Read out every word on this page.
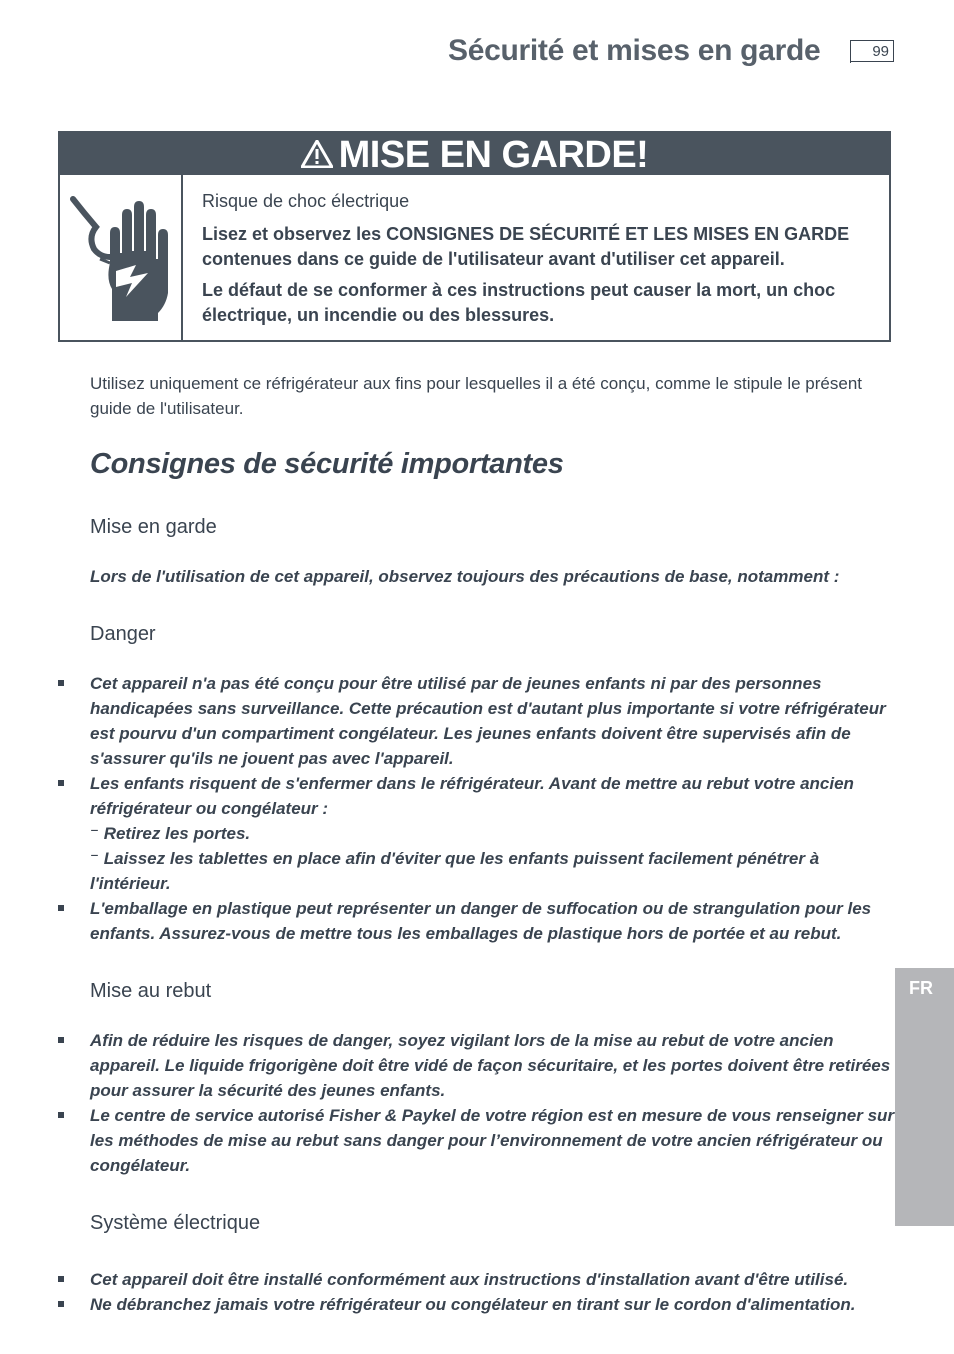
Sécurité et mises en garde	99
MISE EN GARDE!

Risque de choc électrique

Lisez et observez les CONSIGNES DE SÉCURITÉ ET LES MISES EN GARDE contenues dans ce guide de l'utilisateur avant d'utiliser cet appareil.

Le défaut de se conformer à ces instructions peut causer la mort, un choc électrique, un incendie ou des blessures.

Utilisez uniquement ce réfrigérateur aux fins pour lesquelles il a été conçu, comme le stipule le présent guide de l'utilisateur.
Consignes de sécurité importantes
Mise en garde
Lors de l'utilisation de cet appareil, observez toujours des précautions de base, notamment :
Danger
Cet appareil n'a pas été conçu pour être utilisé par de jeunes enfants ni par des personnes handicapées sans surveillance. Cette précaution est d'autant plus importante si votre réfrigérateur est pourvu d'un compartiment congélateur. Les jeunes enfants doivent être supervisés afin de s'assurer qu'ils ne jouent pas avec l'appareil.
Les enfants risquent de s'enfermer dans le réfrigérateur. Avant de mettre au rebut votre ancien réfrigérateur ou congélateur :
⁻ Retirez les portes.
⁻ Laissez les tablettes en place afin d'éviter que les enfants puissent facilement pénétrer à l'intérieur.
L'emballage en plastique peut représenter un danger de suffocation ou de strangulation pour les enfants. Assurez-vous de mettre tous les emballages de plastique hors de portée et au rebut.
Mise au rebut
Afin de réduire les risques de danger, soyez vigilant lors de la mise au rebut de votre ancien appareil. Le liquide frigorigène doit être vidé de façon sécuritaire, et les portes doivent être retirées pour assurer la sécurité des jeunes enfants.
Le centre de service autorisé Fisher & Paykel de votre région est en mesure de vous renseigner sur les méthodes de mise au rebut sans danger pour l’environnement de votre ancien réfrigérateur ou congélateur.
Système électrique
Cet appareil doit être installé conformément aux instructions d'installation avant d'être utilisé.
Ne débranchez jamais votre réfrigérateur ou congélateur en tirant sur le cordon d'alimentation.
FR
